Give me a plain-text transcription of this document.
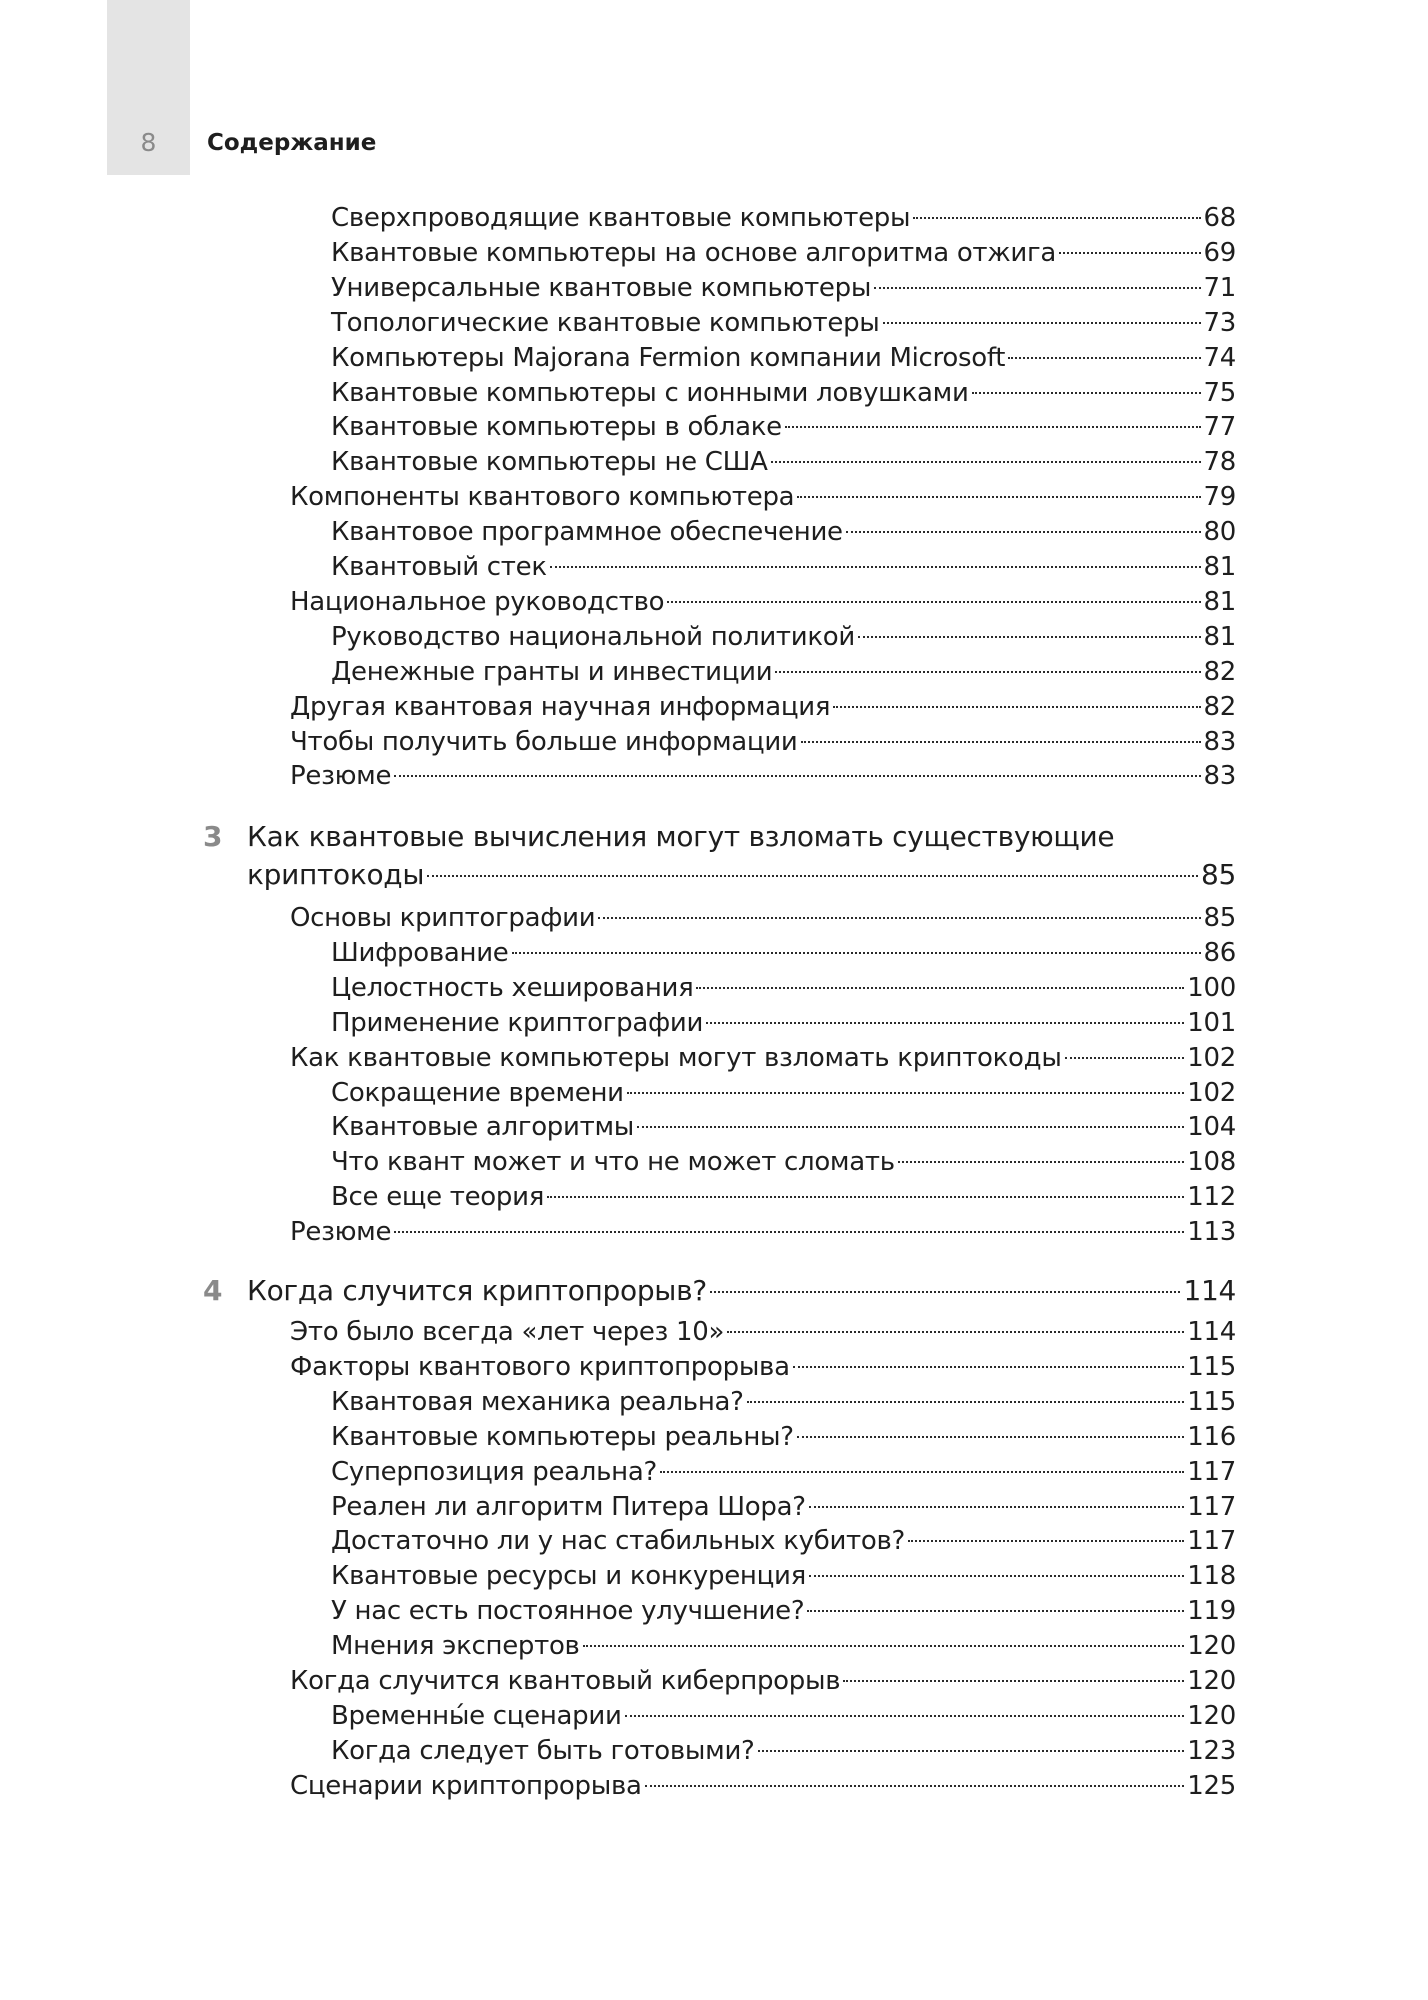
8	Содержание
Сверхпроводящие квантовые компьютеры	68
Квантовые компьютеры на основе алгоритма отжига	69
Универсальные квантовые компьютеры	71
Топологические квантовые компьютеры	73
Компьютеры Majorana Fermion компании Microsoft	74
Квантовые компьютеры с ионными ловушками	75
Квантовые компьютеры в облаке	77
Квантовые компьютеры не США	78
Компоненты квантового компьютера	79
Квантовое программное обеспечение	80
Квантовый стек	81
Национальное руководство	81
Руководство национальной политикой	81
Денежные гранты и инвестиции	82
Другая квантовая научная информация	82
Чтобы получить больше информации	83
Резюме	83
3 Как квантовые вычисления могут взломать существующие
криптокоды	85
Основы криптографии	85
Шифрование	86
Целостность хеширования	100
Применение криптографии	101
Как квантовые компьютеры могут взломать криптокоды	102
Сокращение времени	102
Квантовые алгоритмы	104
Что квант может и что не может сломать	108
Все еще теория	112
Резюме	113
4 Когда случится криптопрорыв?	114
Это было всегда «лет через 10»	114
Факторы квантового криптопрорыва	115
Квантовая механика реальна?	115
Квантовые компьютеры реальны?	116
Суперпозиция реальна?	117
Реален ли алгоритм Питера Шора?	117
Достаточно ли у нас стабильных кубитов?	117
Квантовые ресурсы и конкуренция	118
У нас есть постоянное улучшение?	119
Мнения экспертов	120
Когда случится квантовый киберпрорыв	120
Временны́е сценарии	120
Когда следует быть готовыми?	123
Сценарии криптопрорыва	125
